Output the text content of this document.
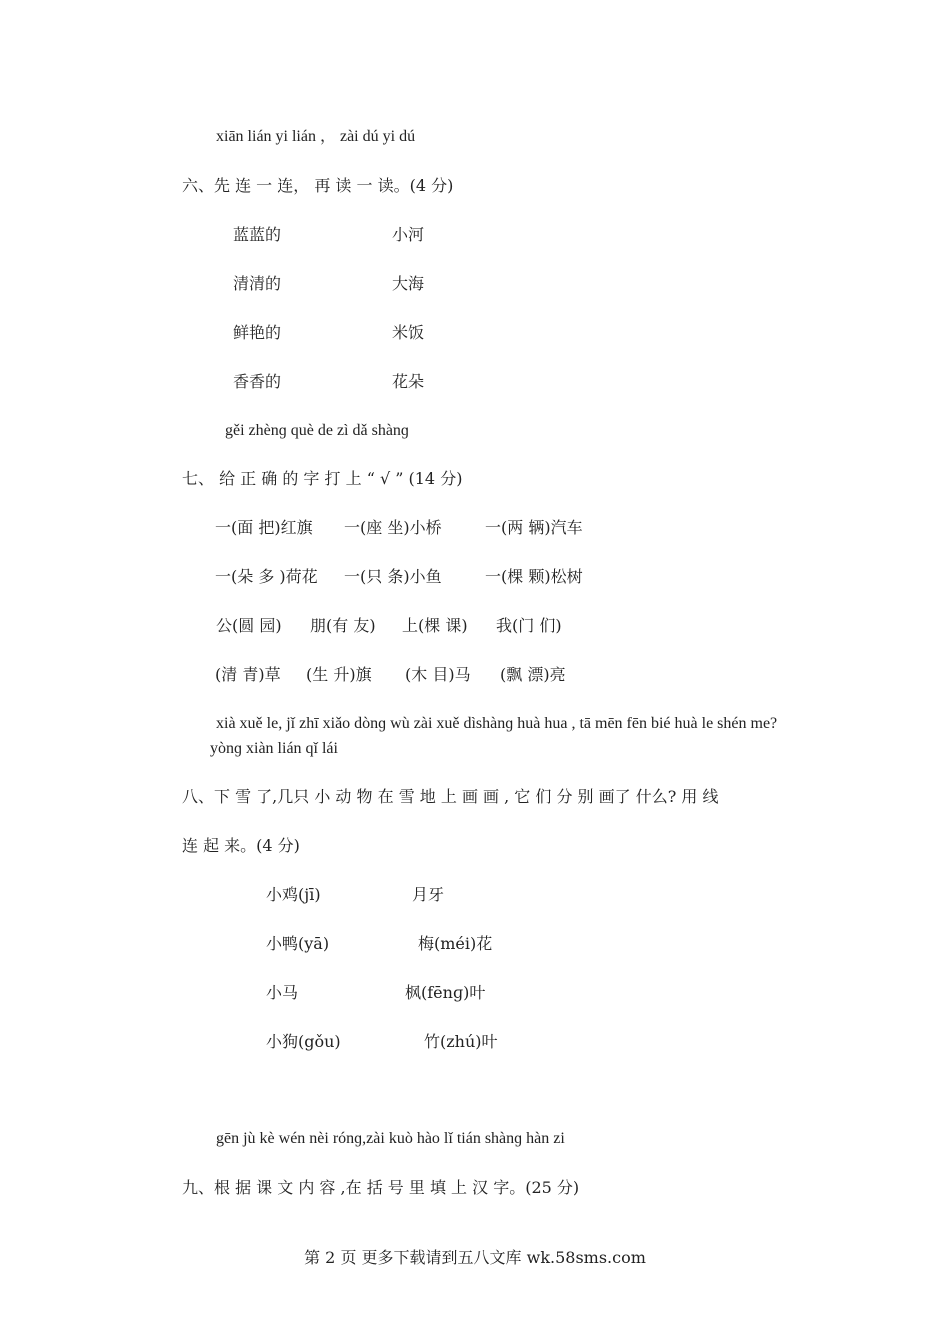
xiān lián yi lián ， zài dú yi dú
六、先 连 一 连， 再 读 一 读。(4 分)
蓝蓝的	小河
清清的	大海
鲜艳的	米饭
香香的	花朵
gěi zhènɡ què de zì dǎ shànɡ
七、 给 正 确 的 字 打 上 “ √ ” (14 分)
一(面 把)红旗 一(座 坐)小桥	一(两 辆)汽车
一(朵 多 )荷花 一(只 条)小鱼	一(棵 颗)松树
公(圆 园) 朋(有 友) 上(棵 课) 我(门 们)
(清 青)草 (生 升)旗 (木 目)马 (飘 漂)亮
xià xuě le, jǐ zhī xiǎo dònɡ wù zài xuě dìshànɡ huà hua , tā mēn fēn bié huà le shén me?
yònɡ xiàn lián qǐ lái
八、下 雪 了,几只 小 动 物 在 雪 地 上 画 画 , 它 们 分 别 画了 什么? 用 线
连 起 来。(4 分)
小鸡(jī)	月牙
小鸭(yā)	梅(méi)花
小马	枫(fēnɡ)叶
小狗(gǒu)	竹(zhú)叶
gēn jù kè wén nèi rónɡ,zài kuò hào lǐ tián shànɡ hàn zi
九、根 据 课 文 内 容 ,在 括 号 里 填 上 汉 字。(25 分)
第 2 页 更多下载请到五八文库 wk.58sms.com
